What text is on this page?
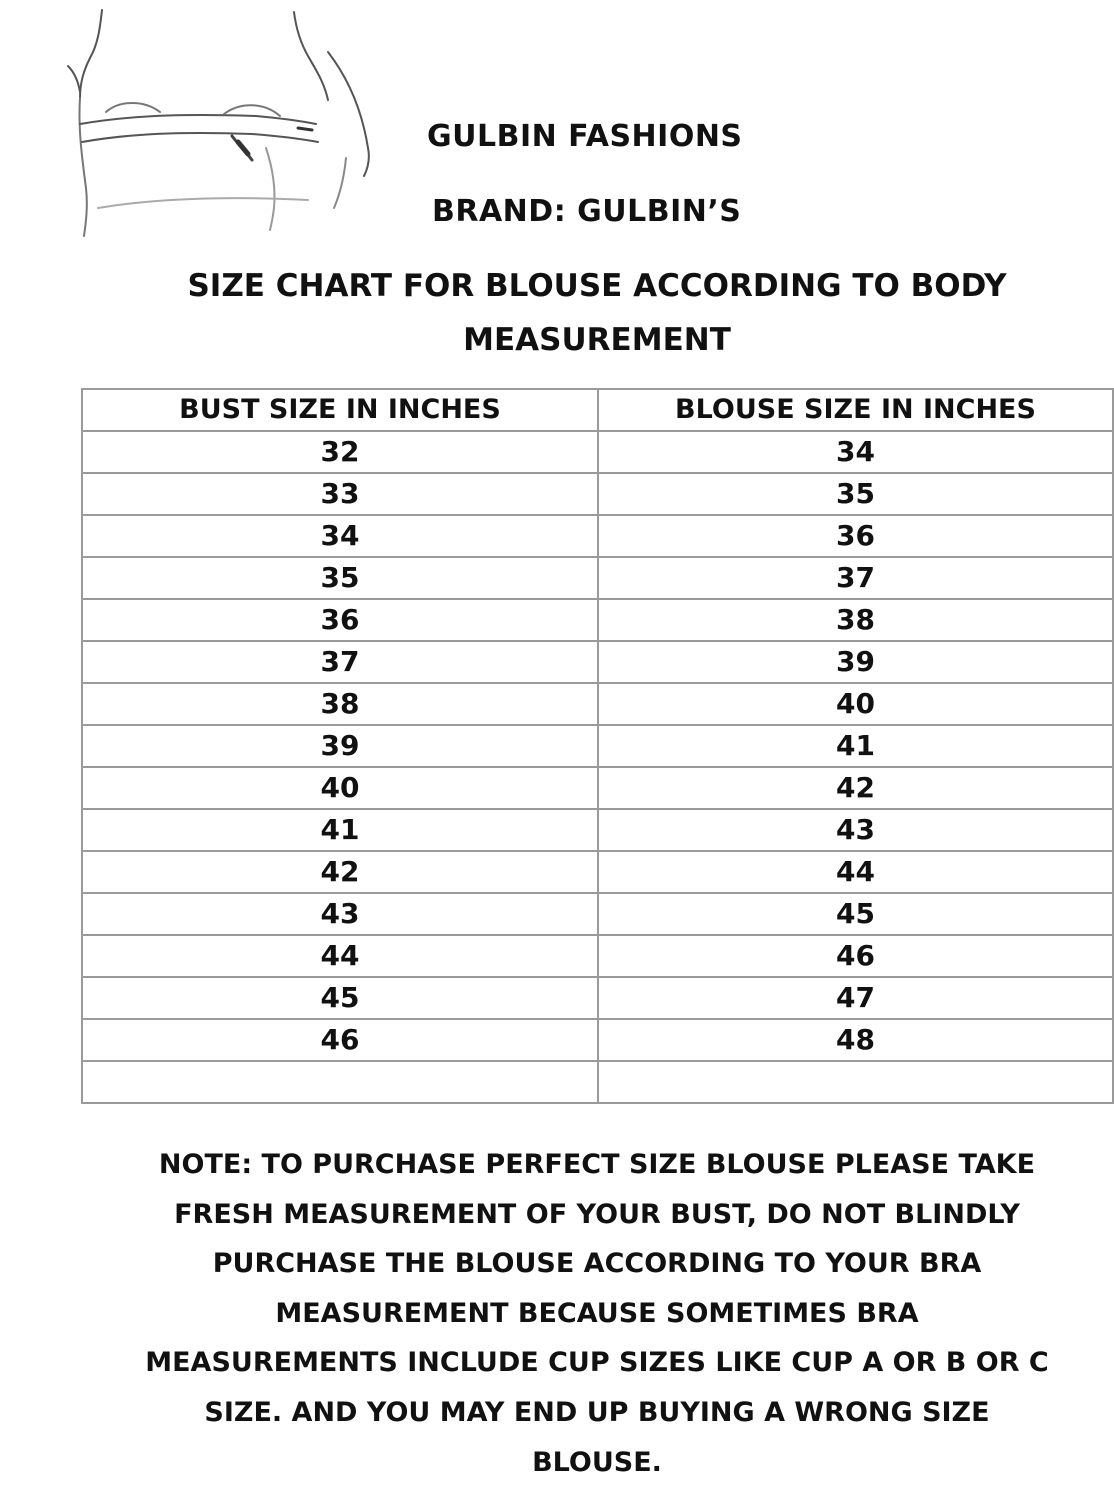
GULBIN FASHIONS
BRAND: GULBIN’S
SIZE CHART FOR BLOUSE ACCORDING TO BODY
MEASUREMENT
BUST SIZE IN INCHES	BLOUSE SIZE IN INCHES
32	34
33	35
34	36
35	37
36	38
37	39
38	40
39	41
40	42
41	43
42	44
43	45
44	46
45	47
46	48

NOTE: TO PURCHASE PERFECT SIZE BLOUSE PLEASE TAKE
FRESH MEASUREMENT OF YOUR BUST, DO NOT BLINDLY
PURCHASE THE BLOUSE ACCORDING TO YOUR BRA
MEASUREMENT BECAUSE SOMETIMES BRA
MEASUREMENTS INCLUDE CUP SIZES LIKE CUP A OR B OR C
SIZE. AND YOU MAY END UP BUYING A WRONG SIZE
BLOUSE.
